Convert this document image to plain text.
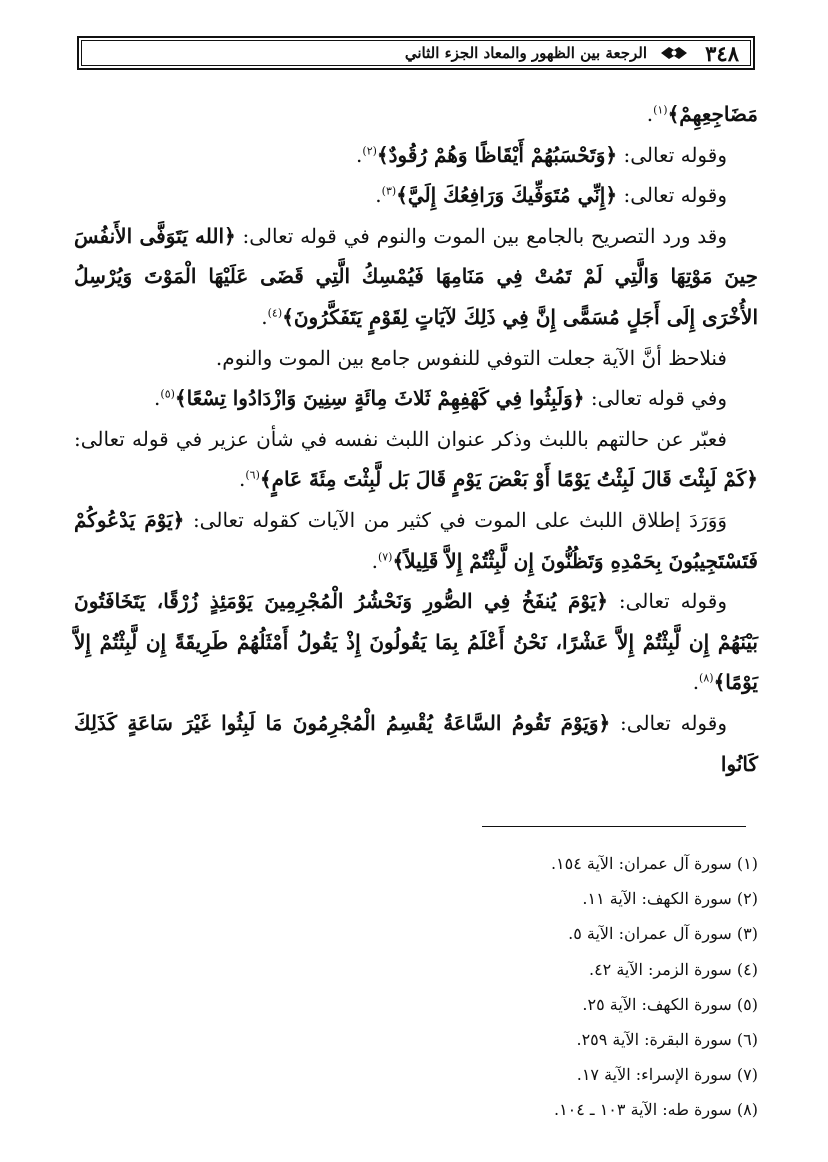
٣٤٨
الرجعة بين الظهور والمعاد الجزء الثاني

مَضَاجِعِهِمْ﴾$^{(١)}$.

وقوله تعالى: ﴿وَتَحْسَبُهُمْ أَيْقَاظًا وَهُمْ رُقُودٌ﴾$^{(٢)}$.

وقوله تعالى: ﴿إِنِّي مُتَوَفِّيكَ وَرَافِعُكَ إِلَيَّ﴾$^{(٣)}$.

وقد ورد التصريح بالجامع بين الموت والنوم في قوله تعالى: ﴿الله يَتَوَفَّى الأَنفُسَ حِينَ مَوْتِهَا وَالَّتِي لَمْ تَمُتْ فِي مَنَامِهَا فَيُمْسِكُ الَّتِي قَضَى عَلَيْهَا الْمَوْتَ وَيُرْسِلُ الأُخْرَى إِلَى أَجَلٍ مُسَمًّى إِنَّ فِي ذَلِكَ لآيَاتٍ لِقَوْمٍ يَتَفَكَّرُونَ﴾$^{(٤)}$.

فنلاحظ أنَّ الآية جعلت التوفي للنفوس جامع بين الموت والنوم.

وفي قوله تعالى: ﴿وَلَبِثُوا فِي كَهْفِهِمْ ثَلاثَ مِائَةٍ سِنِينَ وَازْدَادُوا تِسْعًا﴾$^{(٥)}$.

فعبّر عن حالتهم باللبث وذكر عنوان اللبث نفسه في شأن عزير في قوله تعالى: ﴿كَمْ لَبِثْتَ قَالَ لَبِثْتُ يَوْمًا أَوْ بَعْضَ يَوْمٍ قَالَ بَل لَّبِثْتَ مِئَةَ عَامٍ﴾$^{(٦)}$.

وَوَرَدَ إطلاق اللبث على الموت في كثير من الآيات كقوله تعالى: ﴿يَوْمَ يَدْعُوكُمْ فَتَسْتَجِيبُونَ بِحَمْدِهِ وَتَظُنُّونَ إِن لَّبِثْتُمْ إِلاَّ قَلِيلاً﴾$^{(٧)}$.

وقوله تعالى: ﴿يَوْمَ يُنفَخُ فِي الصُّورِ وَنَحْشُرُ الْمُجْرِمِينَ يَوْمَئِذٍ زُرْقًا، يَتَخَافَتُونَ بَيْنَهُمْ إِن لَّبِثْتُمْ إِلاَّ عَشْرًا، نَحْنُ أَعْلَمُ بِمَا يَقُولُونَ إِذْ يَقُولُ أَمْثَلُهُمْ طَرِيقَةً إِن لَّبِثْتُمْ إِلاَّ يَوْمًا﴾$^{(٨)}$.

وقوله تعالى: ﴿وَيَوْمَ تَقُومُ السَّاعَةُ يُقْسِمُ الْمُجْرِمُونَ مَا لَبِثُوا غَيْرَ سَاعَةٍ كَذَلِكَ كَانُوا

(١) سورة آل عمران: الآية ١٥٤.
(٢) سورة الكهف: الآية ١١.
(٣) سورة آل عمران: الآية ٥.
(٤) سورة الزمر: الآية ٤٢.
(٥) سورة الكهف: الآية ٢٥.
(٦) سورة البقرة: الآية ٢٥٩.
(٧) سورة الإسراء: الآية ١٧.
(٨) سورة طه: الآية ١٠٣ ـ ١٠٤.
